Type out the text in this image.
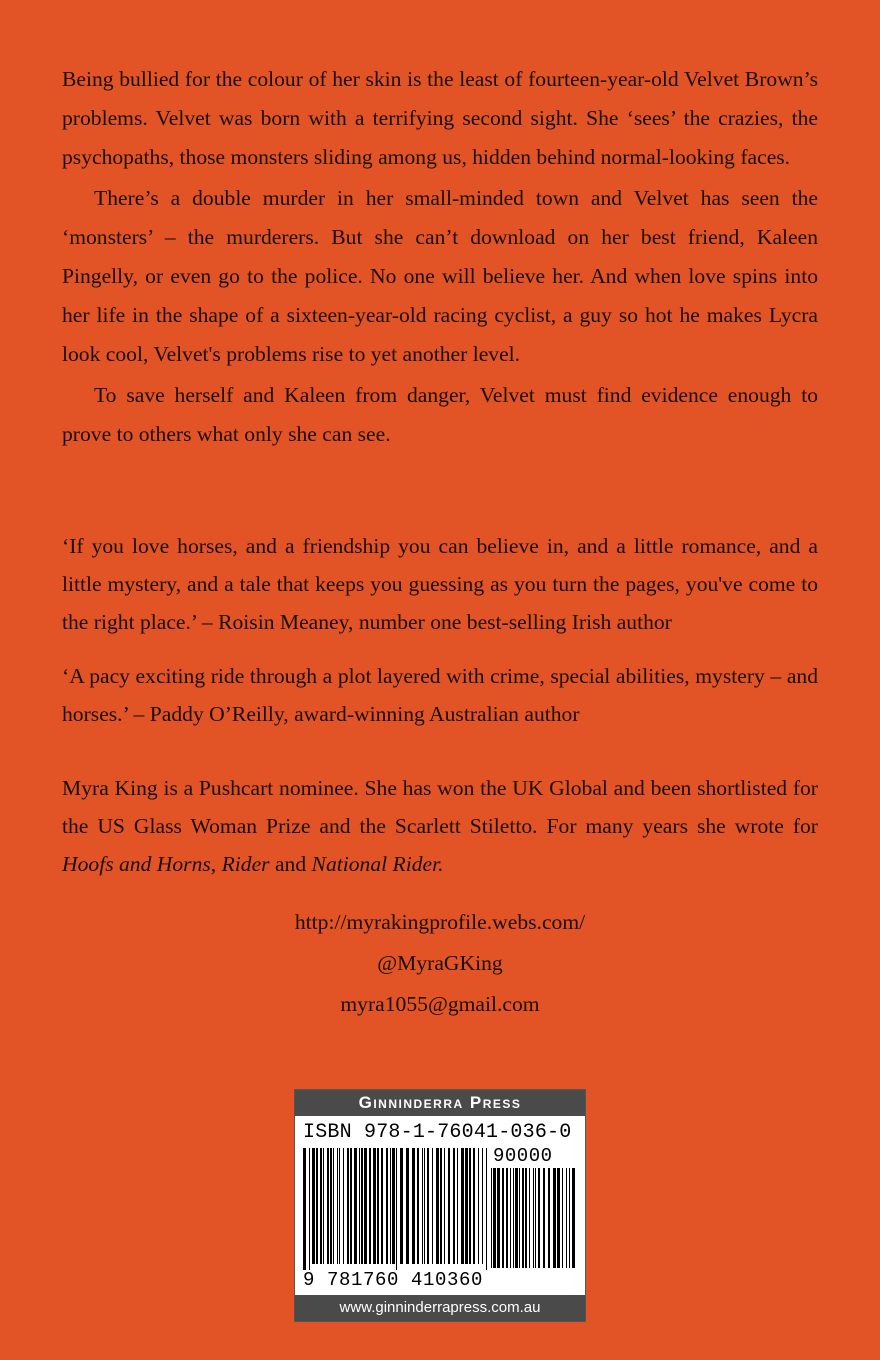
Being bullied for the colour of her skin is the least of fourteen-year-old Velvet Brown’s problems. Velvet was born with a terrifying second sight. She ‘sees’ the crazies, the psychopaths, those monsters sliding among us, hidden behind normal-looking faces.

There’s a double murder in her small-minded town and Velvet has seen the ‘monsters’ – the murderers. But she can’t download on her best friend, Kaleen Pingelly, or even go to the police. No one will believe her. And when love spins into her life in the shape of a sixteen-year-old racing cyclist, a guy so hot he makes Lycra look cool, Velvet's problems rise to yet another level.

To save herself and Kaleen from danger, Velvet must find evidence enough to prove to others what only she can see.

‘If you love horses, and a friendship you can believe in, and a little romance, and a little mystery, and a tale that keeps you guessing as you turn the pages, you've come to the right place.’ – Roisin Meaney, number one best-selling Irish author

‘A pacy exciting ride through a plot layered with crime, special abilities, mystery – and horses.’ – Paddy O’Reilly, award-winning Australian author

Myra King is a Pushcart nominee. She has won the UK Global and been shortlisted for the US Glass Woman Prize and the Scarlett Stiletto. For many years she wrote for Hoofs and Horns, Rider and National Rider.

http://myrakingprofile.webs.com/
@MyraGKing
myra1055@gmail.com
Ginninderra Press
ISBN 978-1-76041-036-0
90000
9 781760 410360
www.ginninderrapress.com.au
